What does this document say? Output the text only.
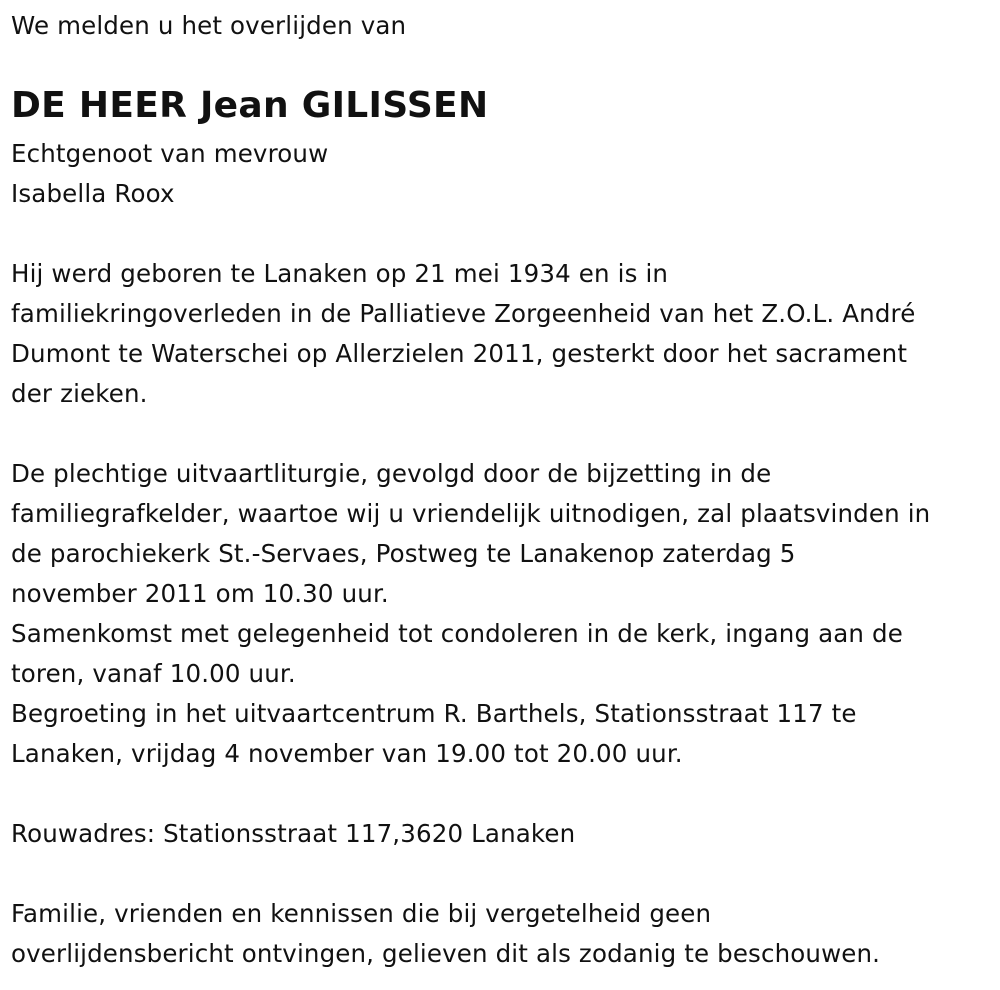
We melden u het overlijden van
DE HEER Jean GILISSEN
Echtgenoot van mevrouw
Isabella Roox
Hij werd geboren te Lanaken op 21 mei 1934 en is in
familiekringoverleden in de Palliatieve Zorgeenheid van het Z.O.L. André
Dumont te Waterschei op Allerzielen 2011, gesterkt door het sacrament
der zieken.
De plechtige uitvaartliturgie, gevolgd door de bijzetting in de
familiegrafkelder, waartoe wij u vriendelijk uitnodigen, zal plaatsvinden in
de parochiekerk St.-Servaes, Postweg te Lanakenop zaterdag 5
november 2011 om 10.30 uur.
Samenkomst met gelegenheid tot condoleren in de kerk, ingang aan de
toren, vanaf 10.00 uur.
Begroeting in het uitvaartcentrum R. Barthels, Stationsstraat 117 te
Lanaken, vrijdag 4 november van 19.00 tot 20.00 uur.
Rouwadres: Stationsstraat 117,3620 Lanaken
Familie, vrienden en kennissen die bij vergetelheid geen
overlijdensbericht ontvingen, gelieven dit als zodanig te beschouwen.
